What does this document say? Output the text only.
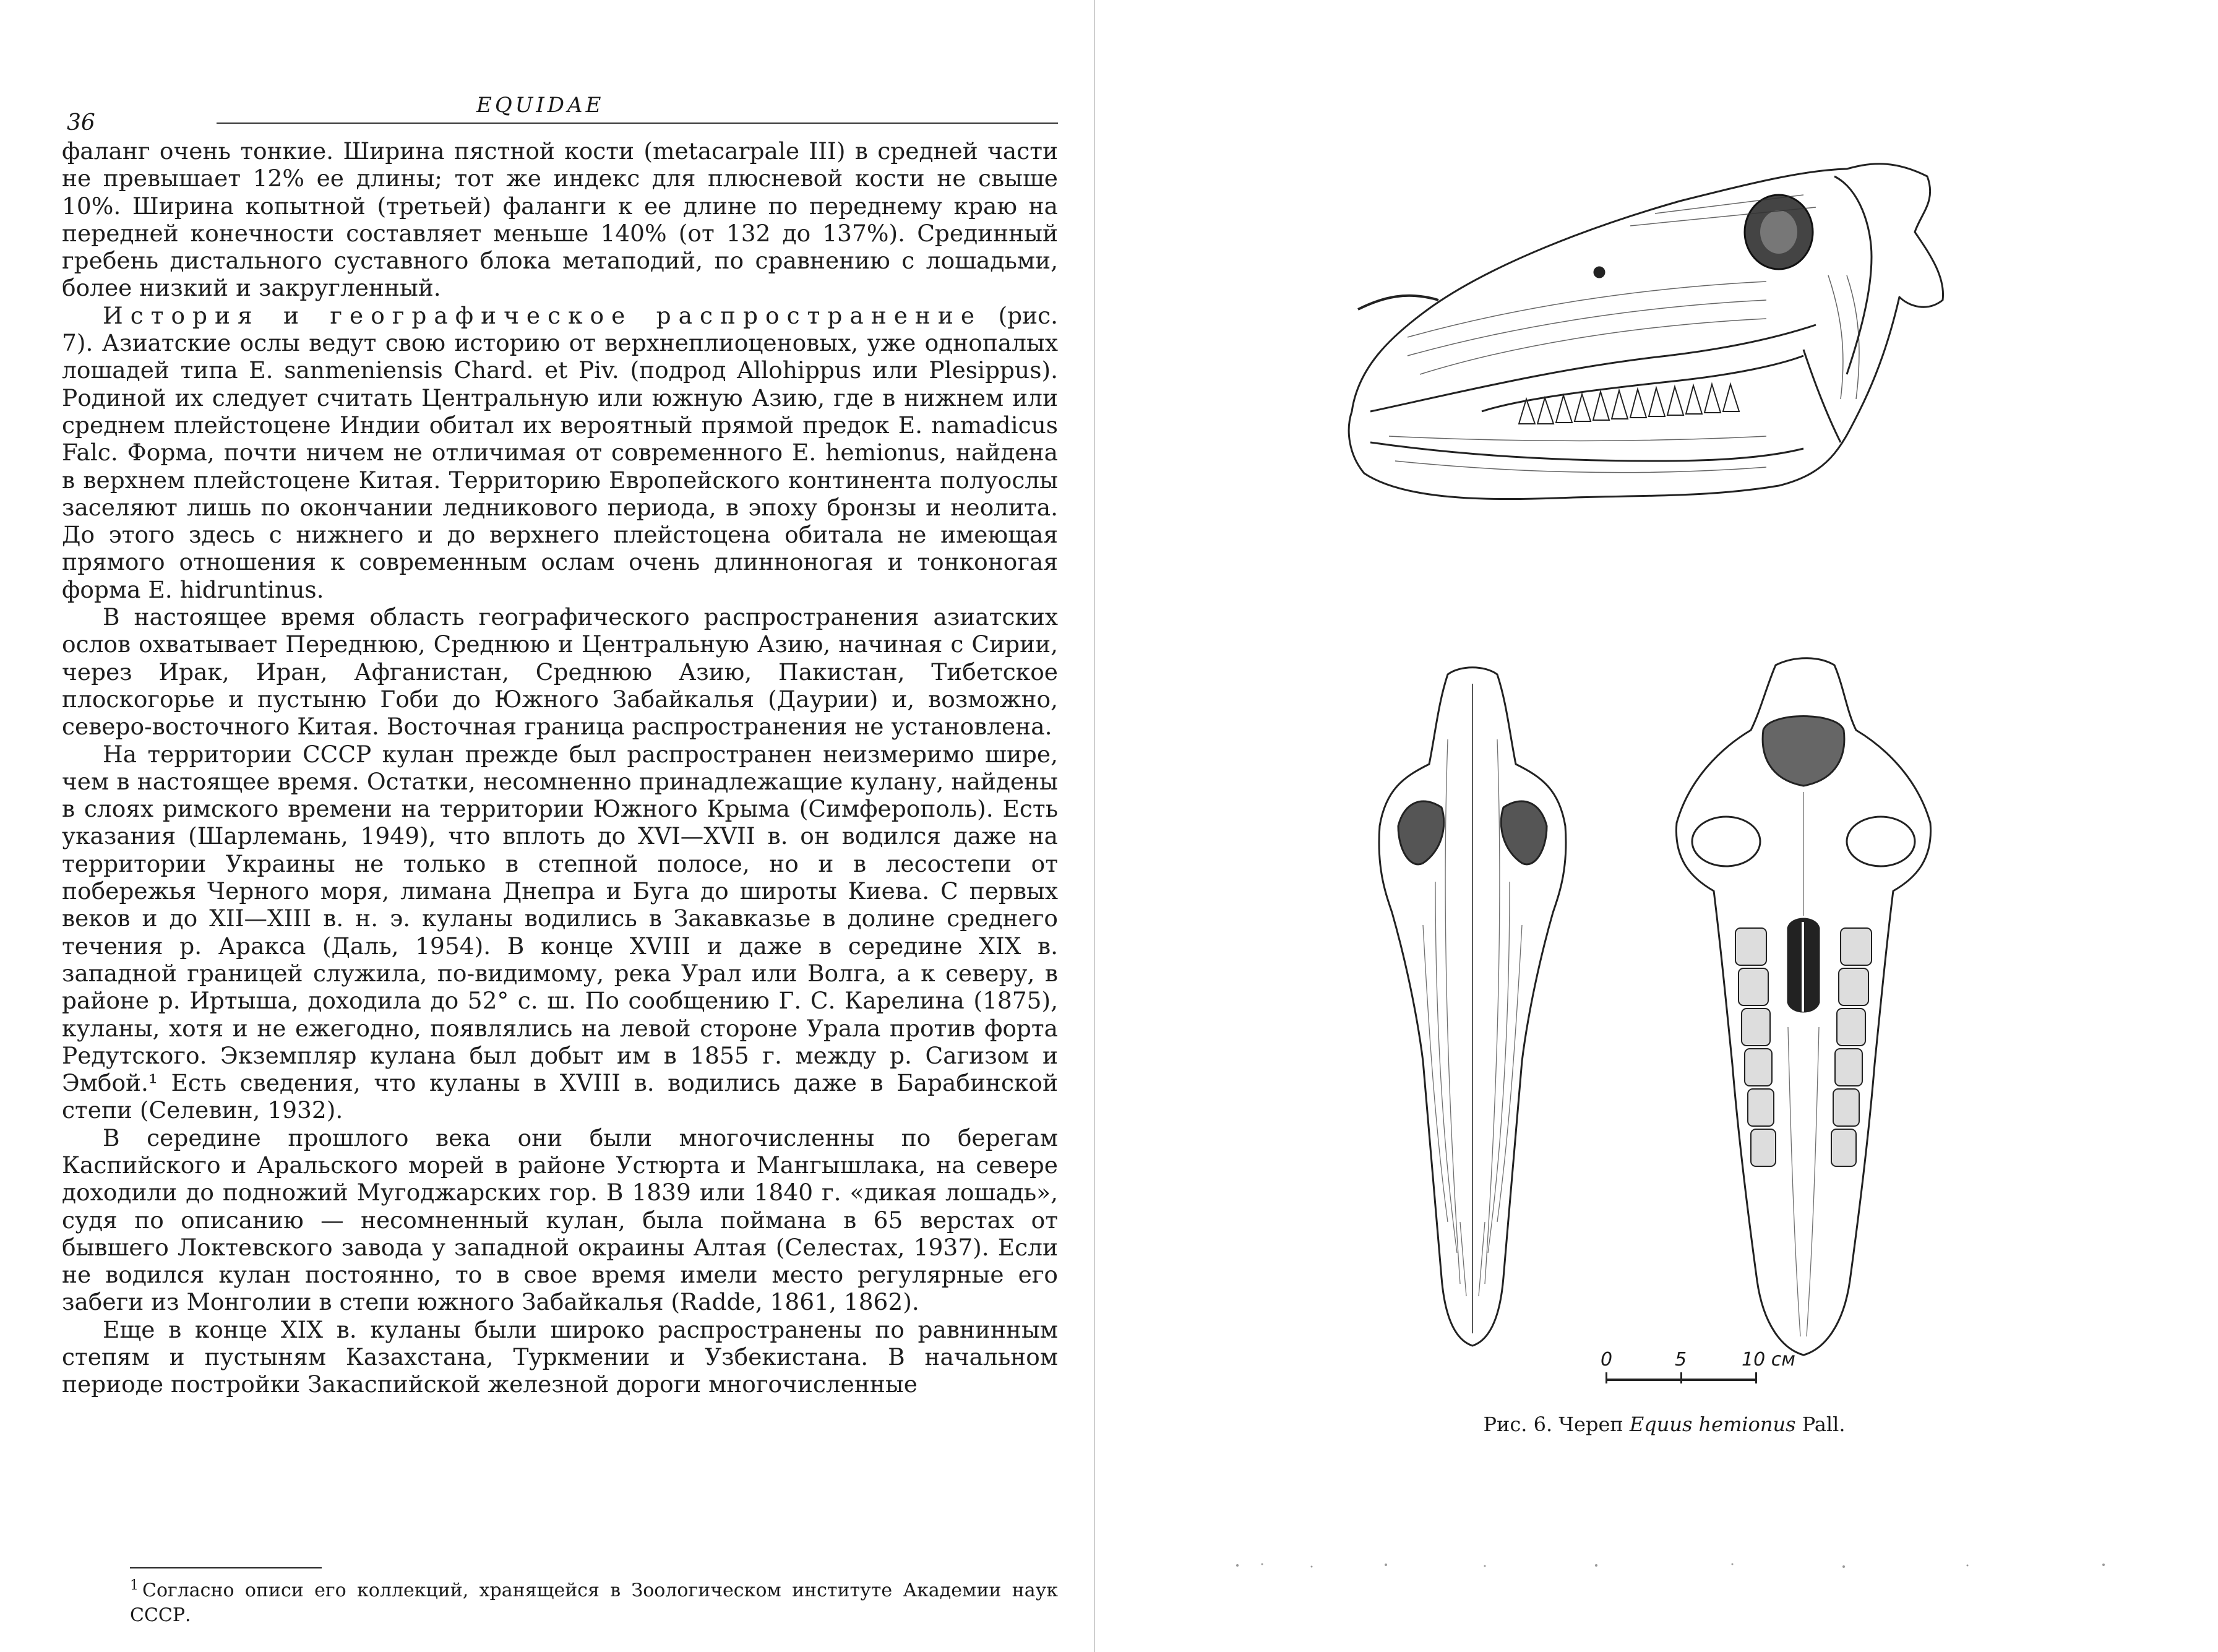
36
EQUIDAE

фаланг очень тонкие. Ширина пястной кости (metacarpale III) в средней части не превышает 12% ее длины; тот же индекс для плюсневой кости не свыше 10%. Ширина копытной (третьей) фаланги к ее длине по переднему краю на передней конечности составляет меньше 140% (от 132 до 137%). Срединный гребень дистального суставного блока метаподий, по сравнению с лошадьми, более низкий и закругленный.

История и географическое распространение (рис. 7). Азиатские ослы ведут свою историю от верхнеплиоценовых, уже однопалых лошадей типа E. sanmeniensis Chard. et Piv. (подрод Allohippus или Plesippus). Родиной их следует считать Центральную или южную Азию, где в нижнем или среднем плейстоцене Индии обитал их вероятный прямой предок E. namadicus Falc. Форма, почти ничем не отличимая от современного E. hemionus, найдена в верхнем плейстоцене Китая. Территорию Европейского континента полуослы заселяют лишь по окончании ледникового периода, в эпоху бронзы и неолита. До этого здесь с нижнего и до верхнего плейстоцена обитала не имеющая прямого отношения к современным ослам очень длинноногая и тонконогая форма E. hidruntinus.

В настоящее время область географического распространения азиатских ослов охватывает Переднюю, Среднюю и Центральную Азию, начиная с Сирии, через Ирак, Иран, Афганистан, Среднюю Азию, Пакистан, Тибетское плоскогорье и пустыню Гоби до Южного Забайкалья (Даурии) и, возможно, северо-восточного Китая. Восточная граница распространения не установлена.

На территории СССР кулан прежде был распространен неизмеримо шире, чем в настоящее время. Остатки, несомненно принадлежащие кулану, найдены в слоях римского времени на территории Южного Крыма (Симферополь). Есть указания (Шарлемань, 1949), что вплоть до XVI—XVII в. он водился даже на территории Украины не только в степной полосе, но и в лесостепи от побережья Черного моря, лимана Днепра и Буга до широты Киева. С первых веков и до XII—XIII в. н. э. куланы водились в Закавказье в долине среднего течения р. Аракса (Даль, 1954). В конце XVIII и даже в середине XIX в. западной границей служила, по-видимому, река Урал или Волга, а к северу, в районе р. Иртыша, доходила до 52° с. ш. По сообщению Г. С. Карелина (1875), куланы, хотя и не ежегодно, появлялись на левой стороне Урала против форта Редутского. Экземпляр кулана был добыт им в 1855 г. между р. Сагизом и Эмбой.¹ Есть сведения, что куланы в XVIII в. водились даже в Барабинской степи (Селевин, 1932).

В середине прошлого века они были многочисленны по берегам Каспийского и Аральского морей в районе Устюрта и Мангышлака, на севере доходили до подножий Мугоджарских гор. В 1839 или 1840 г. «дикая лошадь», судя по описанию — несомненный кулан, была поймана в 65 верстах от бывшего Локтевского завода у западной окраины Алтая (Селестах, 1937). Если не водился кулан постоянно, то в свое время имели место регулярные его забеги из Монголии в степи южного Забайкалья (Radde, 1861, 1862).

Еще в конце XIX в. куланы были широко распространены по равнинным степям и пустыням Казахстана, Туркмении и Узбекистана. В начальном периоде постройки Закаспийской железной дороги многочисленные

$^1$ Согласно описи его коллекций, хранящейся в Зоологическом институте Академии наук СССР.
0	5	10 см
Рис. 6. Череп Equus hemionus Pall.
